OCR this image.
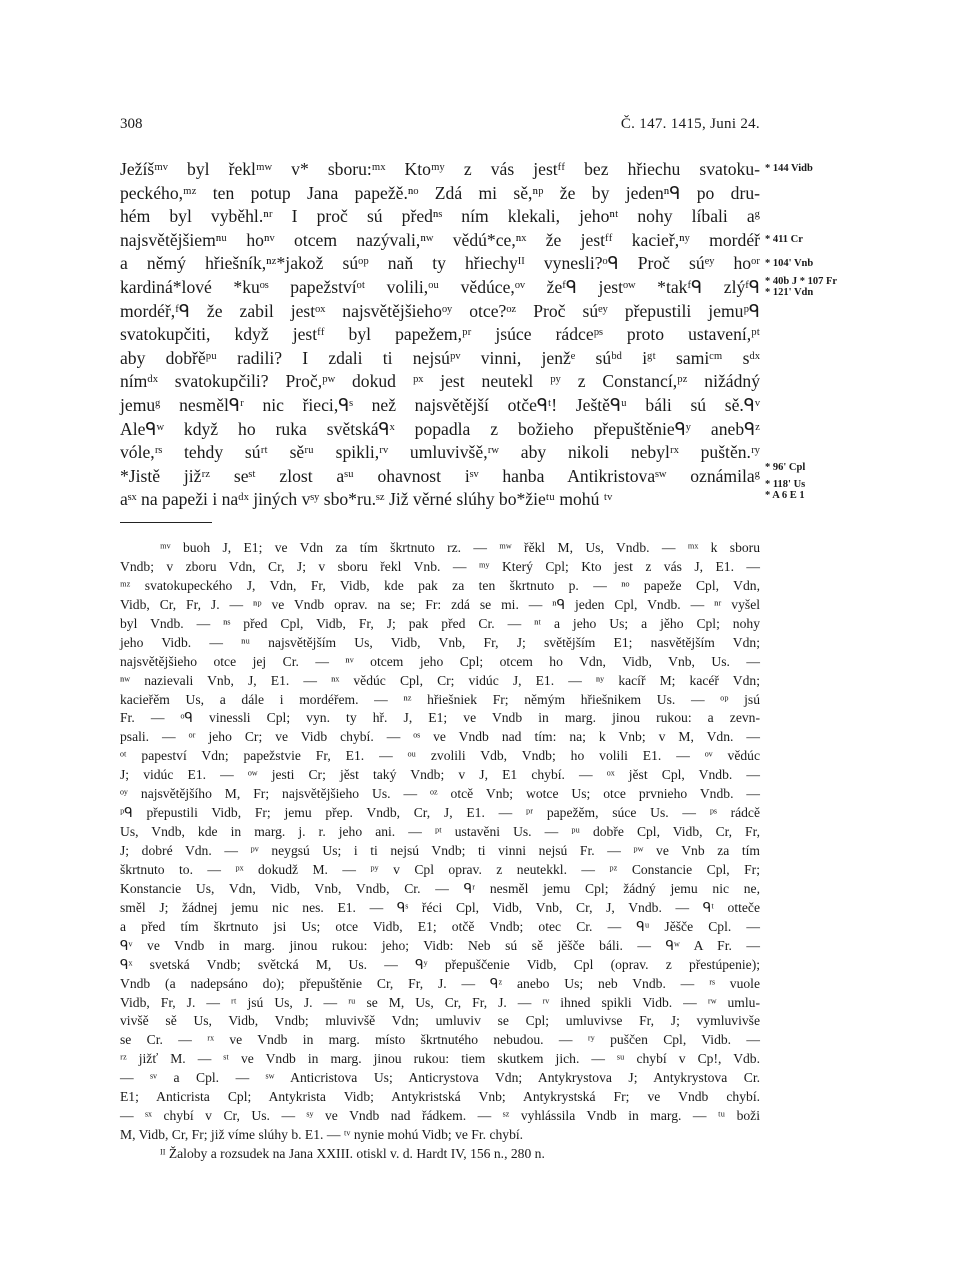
308	Č. 147. 1415, Juni 24.
Ježíšᵐᵛ byl řeklᵐʷ v* sboru:ᵐˣ Ktoᵐʸ z vás jestᶠᶠ bez hřiechu svatoku-
peckého,ᵐᶻ ten potup Jana papežě.ⁿᵒ Zdá mi sě,ⁿᵖ že by jedenⁿᑫ po dru-
hém byl vyběhl.ⁿʳ I proč sú předⁿˢ ním klekali, jehoⁿᵗ nohy líbali aᵍ
najsvětějšiemⁿᵘ hoⁿᵛ otcem nazývali,ⁿʷ vědú*ce,ⁿˣ že jestᶠᶠ kacieř,ⁿʸ mordéř
a němý hřiešník,ⁿᶻ*jakož súᵒᵖ naň ty hřiechyᴵᴵ vynesli?ᵒᑫ Proč súᵉʸ hoᵒʳ
kardiná*lové *kuᵒˢ papežstvíᵒᵗ volili,ᵒᵘ vědúce,ᵒᵛ žeᶠᑫ jestᵒʷ *takᶠᑫ zlýᶠᑫ
mordéř,ᶠᑫ že zabil jestᵒˣ najsvětějšiehoᵒʸ otce?ᵒᶻ Proč súᵉʸ přepustili jemuᵖᑫ
svatokupčiti, když jestᶠᶠ byl papežem,ᵖʳ jsúce rádceᵖˢ proto ustavení,ᵖᵗ
aby dobřěᵖᵘ radili? I zdali ti nejsúᵖᵛ vinni, jenžᵉ súᵇᵈ iᵍᵗ samiᶜᵐ sᵈˣ
nímᵈˣ svatokupčili? Proč,ᵖʷ dokud ᵖˣ jest neutekl ᵖʸ z Constancí,ᵖᶻ nižádný
jemuᵍ nesmělᑫʳ nic řieci,ᑫˢ než najsvětější otčeᑫᵗ! Ještěᑫᵘ báli sú sě.ᑫᵛ
Aleᑫʷ když ho ruka světskáᑫˣ popadla z božieho přepuštěnieᑫʸ anebᑫᶻ
vóle,ʳˢ tehdy súʳᵗ sěʳᵘ spikli,ʳᵛ umluvivšě,ʳʷ aby nikoli nebylʳˣ puštěn.ʳʸ
*Jistě jižʳᶻ seˢᵗ zlost aˢᵘ ohavnost iˢᵛ hanba Antikristovaˢʷ oznámilaᵍ
aˢˣ na papeži i naᵈˣ jiných vˢʸ sbo*ru.ˢᶻ Již věrné slúhy bo*žieᵗᵘ mohú ᵗᵛ
* 144 Vidb
* 411 Cr
* 104' Vnb
* 40b J * 107 Fr
* 121' Vdn
* 96' Cpl
* 118' Us
* A 6 E 1
ᵐᵛ buoh J, E1; ve Vdn za tím škrtnuto rz. — ᵐʷ řěkl M, Us, Vndb. — ᵐˣ k sboru
Vndb; v zboru Vdn, Cr, J; v sboru řekl Vnb. — ᵐʸ Který Cpl; Kto jest z vás J, E1. —
ᵐᶻ svatokupeckého J, Vdn, Fr, Vidb, kde pak za ten škrtnuto p. — ⁿᵒ papeže Cpl, Vdn,
Vidb, Cr, Fr, J. — ⁿᵖ ve Vndb oprav. na se; Fr: zdá se mi. — ⁿᑫ jeden Cpl, Vndb. — ⁿʳ vyšel
byl Vndb. — ⁿˢ před Cpl, Vidb, Fr, J; pak před Cr. — ⁿᵗ a jeho Us; a jěho Cpl; nohy
jeho Vidb. — ⁿᵘ najsvětějším Us, Vidb, Vnb, Fr, J; světějším E1; nasvětějším Vdn;
najsvětějšieho otce jej Cr. — ⁿᵛ otcem jeho Cpl; otcem ho Vdn, Vidb, Vnb, Us. —
ⁿʷ nazievali Vnb, J, E1. — ⁿˣ vědúc Cpl, Cr; vidúc J, E1. — ⁿʸ kacíř M; kacéř Vdn;
kacieřěm Us, a dále i mordéřem. — ⁿᶻ hřiešniek Fr; němým hřiešnikem Us. — ᵒᵖ jsú
Fr. — ᵒᑫ vinessli Cpl; vyn. ty hř. J, E1; ve Vndb in marg. jinou rukou: a zevn-
psali. — ᵒʳ jeho Cr; ve Vidb chybí. — ᵒˢ ve Vndb nad tím: na; k Vnb; v M, Vdn. —
ᵒᵗ papeství Vdn; papežstvie Fr, E1. — ᵒᵘ zvolili Vdb, Vndb; ho volili E1. — ᵒᵛ vědúc
J; vidúc E1. — ᵒʷ jesti Cr; jěst taký Vndb; v J, E1 chybí. — ᵒˣ jěst Cpl, Vndb. —
ᵒʸ najsvětějšího M, Fr; najsvětějšieho Us. — ᵒᶻ otcě Vnb; wotce Us; otce prvnieho Vndb. —
ᵖᑫ přepustili Vidb, Fr; jemu přep. Vndb, Cr, J, E1. — ᵖʳ papežěm, súce Us. — ᵖˢ rádcě
Us, Vndb, kde in marg. j. r. jeho ani. — ᵖᵗ ustavěni Us. — ᵖᵘ dobře Cpl, Vidb, Cr, Fr,
J; dobré Vdn. — ᵖᵛ neygsú Us; i ti nejsú Vndb; ti vinni nejsú Fr. — ᵖʷ ve Vnb za tím
škrtnuto to. — ᵖˣ dokudž M. — ᵖʸ v Cpl oprav. z neutekkl. — ᵖᶻ Constancie Cpl, Fr;
Konstancie Us, Vdn, Vidb, Vnb, Vndb, Cr. — ᑫʳ nesměl jemu Cpl; žádný jemu nic ne,
směl J; žádnej jemu nic nes. E1. — ᑫˢ řéci Cpl, Vidb, Vnb, Cr, J, Vndb. — ᑫᵗ otteče
a před tím škrtnuto jsi Us; otce Vidb, E1; otčě Vndb; otec Cr. — ᑫᵘ Jěšče Cpl. —
ᑫᵛ ve Vndb in marg. jinou rukou: jeho; Vidb: Neb sú sě jěšče báli. — ᑫʷ A Fr. —
ᑫˣ svetská Vndb; světcká M, Us. — ᑫʸ přepuščenie Vidb, Cpl (oprav. z přestúpenie);
Vndb (a nadepsáno do); přepuštěnie Cr, Fr, J. — ᑫᶻ anebo Us; neb Vndb. — ʳˢ vuole
Vidb, Fr, J. — ʳᵗ jsú Us, J. — ʳᵘ se M, Us, Cr, Fr, J. — ʳᵛ ihned spikli Vidb. — ʳʷ umlu-
vivšě sě Us, Vidb, Vndb; mluvivšě Vdn; umluviv se Cpl; umluvivse Fr, J; vymluvivše
se Cr. — ʳˣ ve Vndb in marg. místo škrtnutého nebudou. — ʳʸ puščen Cpl, Vidb. —
ʳᶻ jižť M. — ˢᵗ ve Vndb in marg. jinou rukou: tiem skutkem jich. — ˢᵘ chybí v Cp!, Vdb.
— ˢᵛ a Cpl. — ˢʷ Anticristova Us; Anticrystova Vdn; Antykrystova J; Antykrystova Cr.
E1; Anticrista Cpl; Antykrista Vidb; Antykristská Vnb; Antykrystská Fr; ve Vndb chybí.
— ˢˣ chybí v Cr, Us. — ˢʸ ve Vndb nad řádkem. — ˢᶻ vyhlássila Vndb in marg. — ᵗᵘ boži
M, Vidb, Cr, Fr; již víme slúhy b. E1. — ᵗᵛ nynie mohú Vidb; ve Fr. chybí.
ᴵᴵ Žaloby a rozsudek na Jana XXIII. otiskl v. d. Hardt IV, 156 n., 280 n.
